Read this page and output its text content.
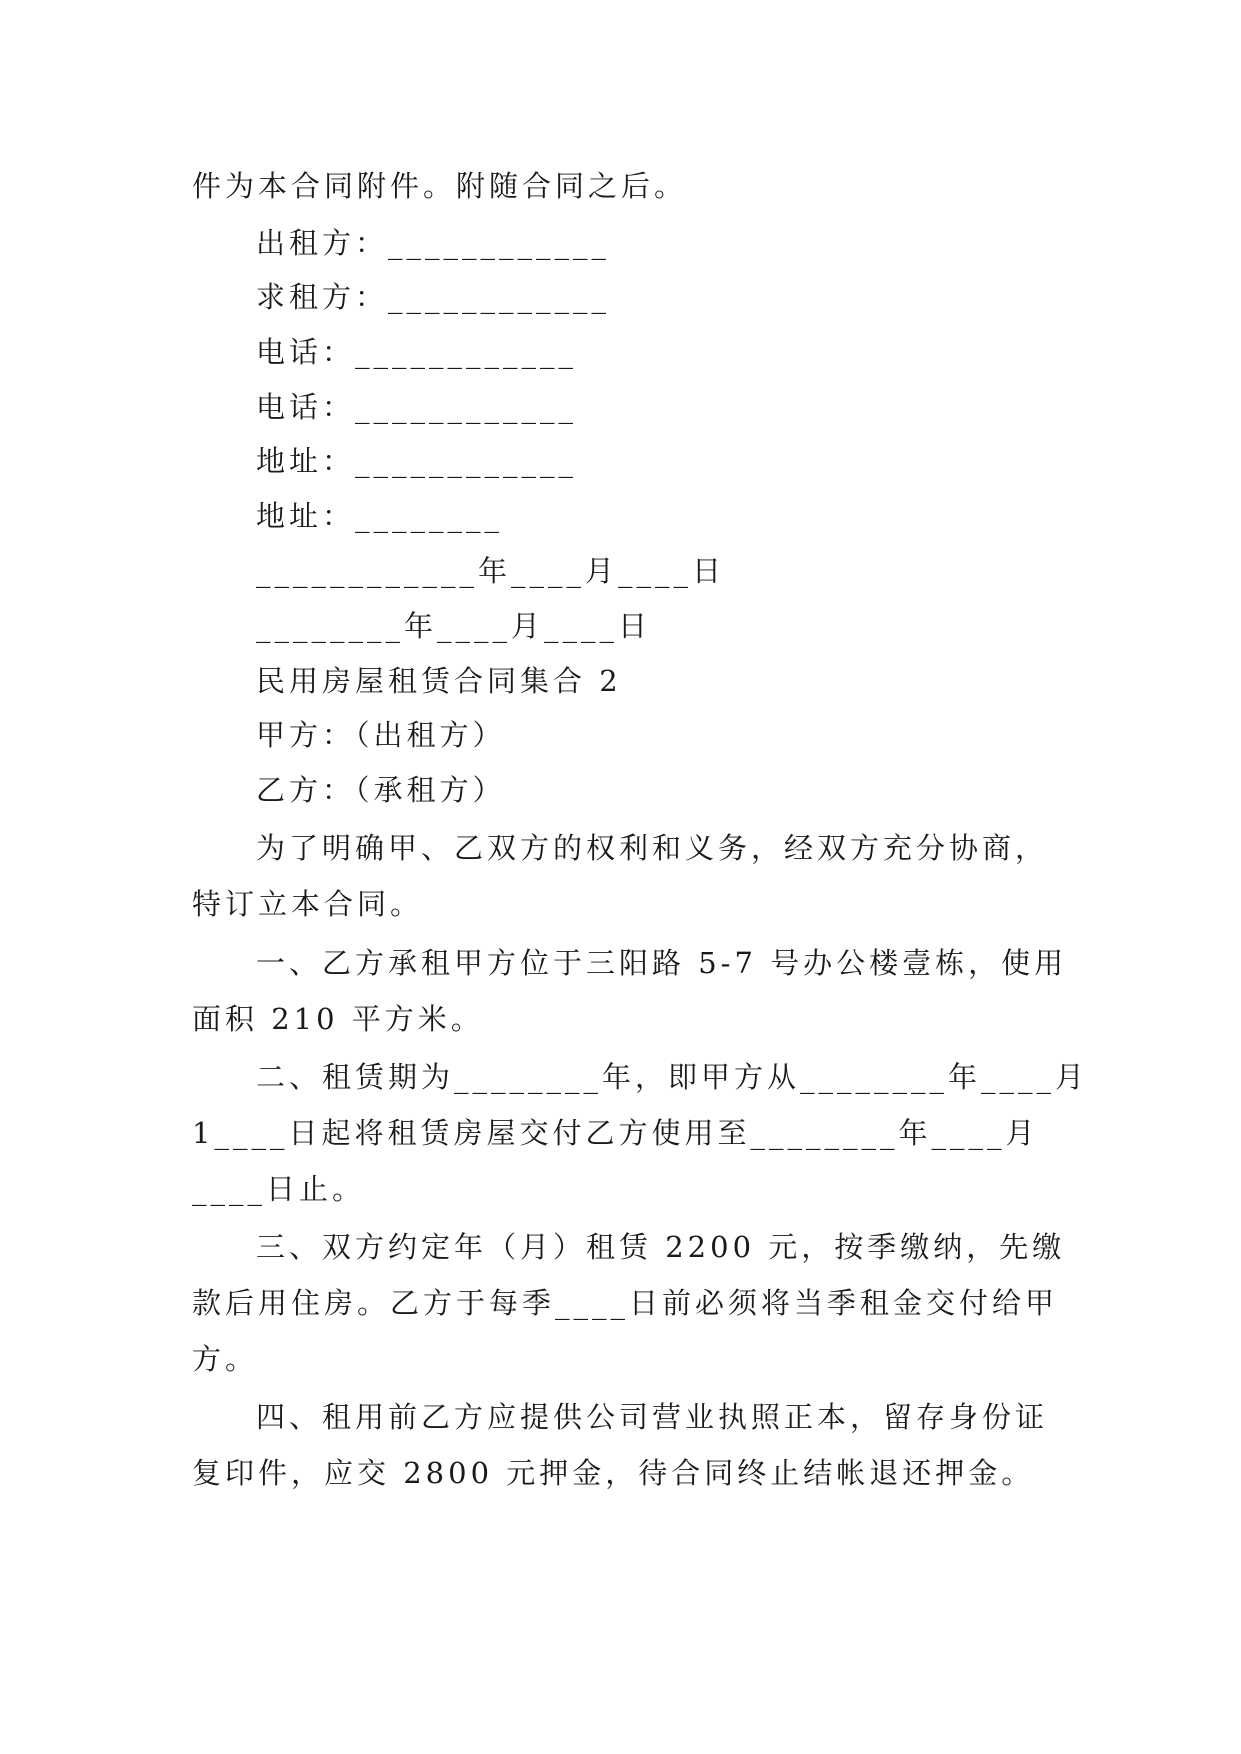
件为本合同附件。附随合同之后。
出租方：____________
求租方：____________
电话：____________
电话：____________
地址：____________
地址：________
____________年____月____日
________年____月____日
民用房屋租赁合同集合 2
甲方：（出租方）
乙方：（承租方）
为了明确甲、乙双方的权利和义务，经双方充分协商，
特订立本合同。
一、乙方承租甲方位于三阳路 5-7 号办公楼壹栋，使用
面积 210 平方米。
二、租赁期为________年，即甲方从________年____月
1____日起将租赁房屋交付乙方使用至________年____月
____日止。
三、双方约定年（月）租赁 2200 元，按季缴纳，先缴
款后用住房。乙方于每季____日前必须将当季租金交付给甲
方。
四、租用前乙方应提供公司营业执照正本，留存身份证
复印件，应交 2800 元押金，待合同终止结帐退还押金。
